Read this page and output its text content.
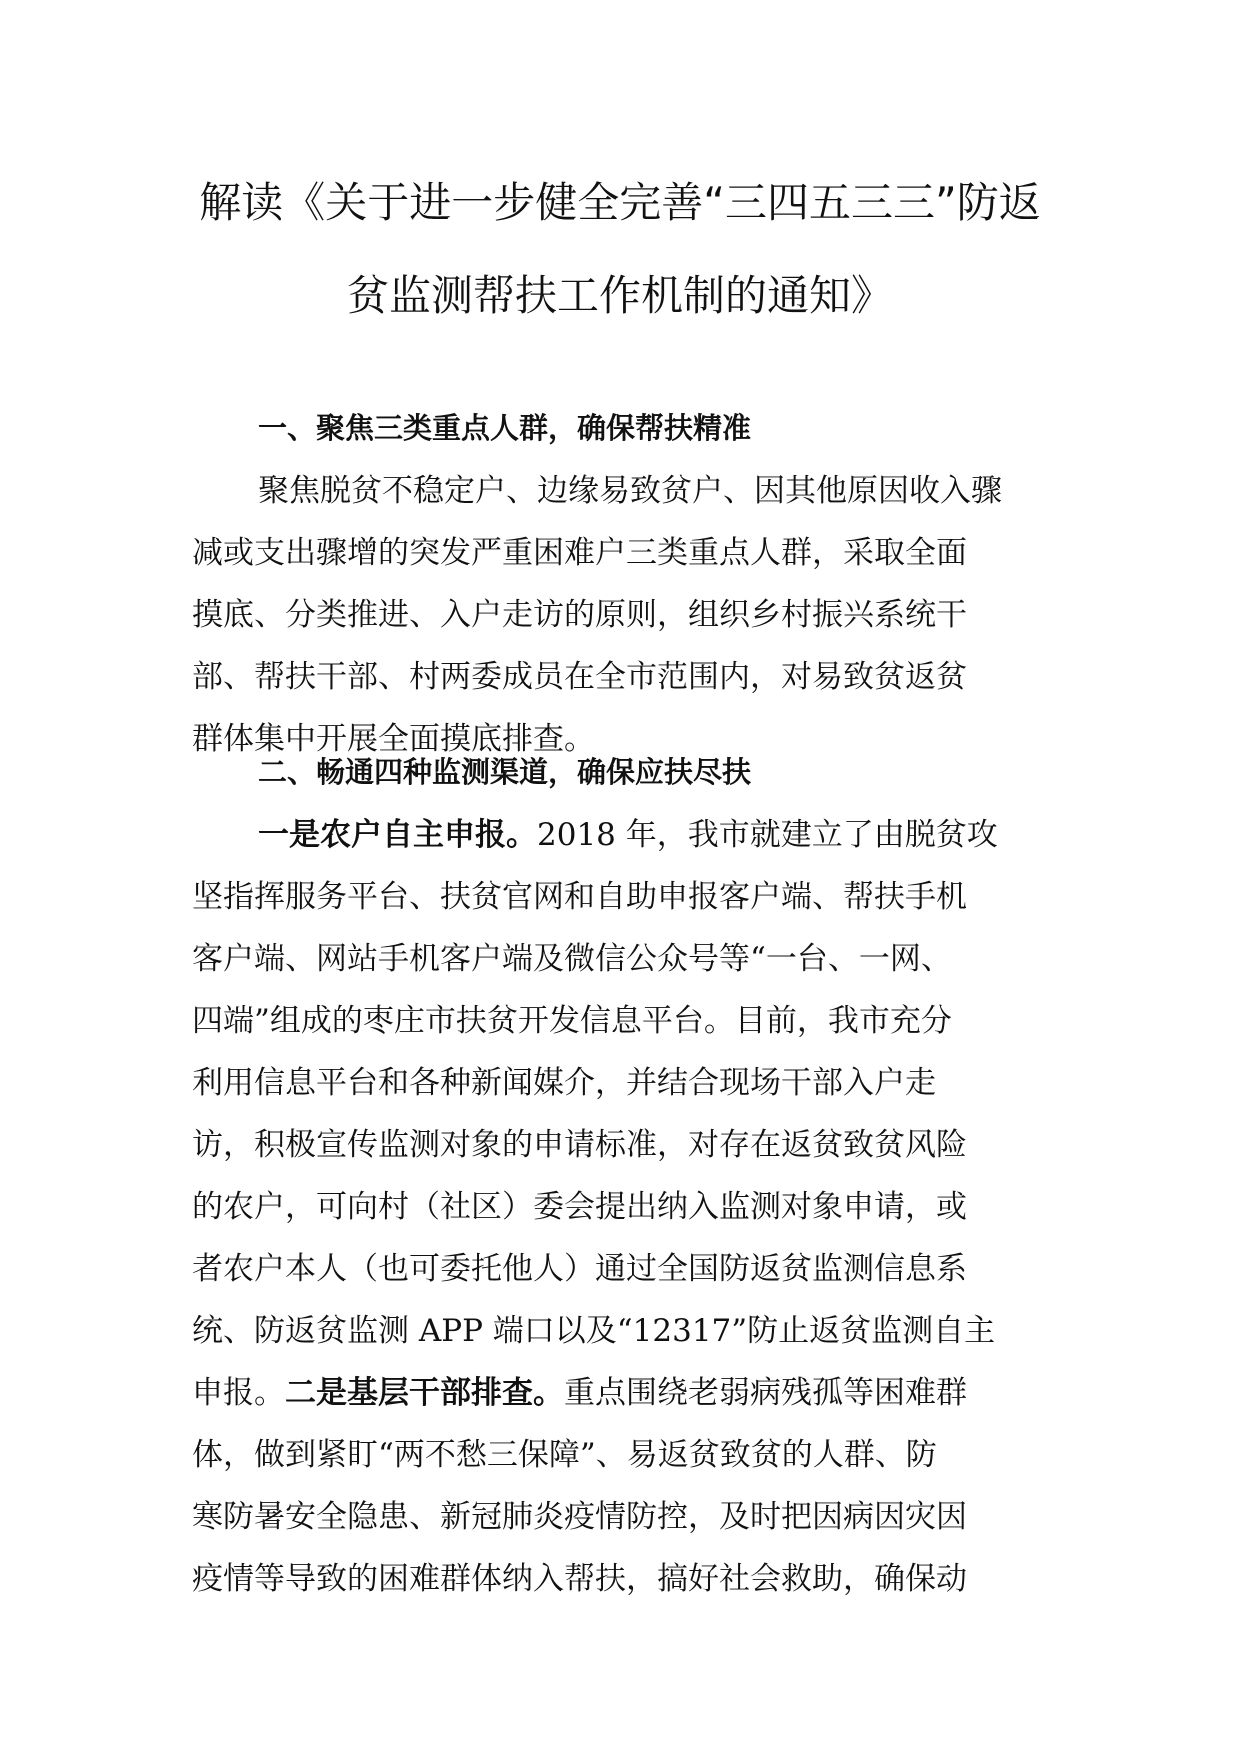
解读《关于进一步健全完善“三四五三三”防返
贫监测帮扶工作机制的通知》
一、聚焦三类重点人群，确保帮扶精准
聚焦脱贫不稳定户、边缘易致贫户、因其他原因收入骤
减或支出骤增的突发严重困难户三类重点人群，采取全面
摸底、分类推进、入户走访的原则，组织乡村振兴系统干
部、帮扶干部、村两委成员在全市范围内，对易致贫返贫
群体集中开展全面摸底排查。
二、畅通四种监测渠道，确保应扶尽扶
一是农户自主申报。2018 年，我市就建立了由脱贫攻
坚指挥服务平台、扶贫官网和自助申报客户端、帮扶手机
客户端、网站手机客户端及微信公众号等“一台、一网、
四端”组成的枣庄市扶贫开发信息平台。目前，我市充分
利用信息平台和各种新闻媒介，并结合现场干部入户走
访，积极宣传监测对象的申请标准，对存在返贫致贫风险
的农户，可向村（社区）委会提出纳入监测对象申请，或
者农户本人（也可委托他人）通过全国防返贫监测信息系
统、防返贫监测 APP 端口以及“12317”防止返贫监测自主
申报。二是基层干部排查。重点围绕老弱病残孤等困难群
体，做到紧盯“两不愁三保障”、易返贫致贫的人群、防
寒防暑安全隐患、新冠肺炎疫情防控，及时把因病因灾因
疫情等导致的困难群体纳入帮扶，搞好社会救助，确保动
